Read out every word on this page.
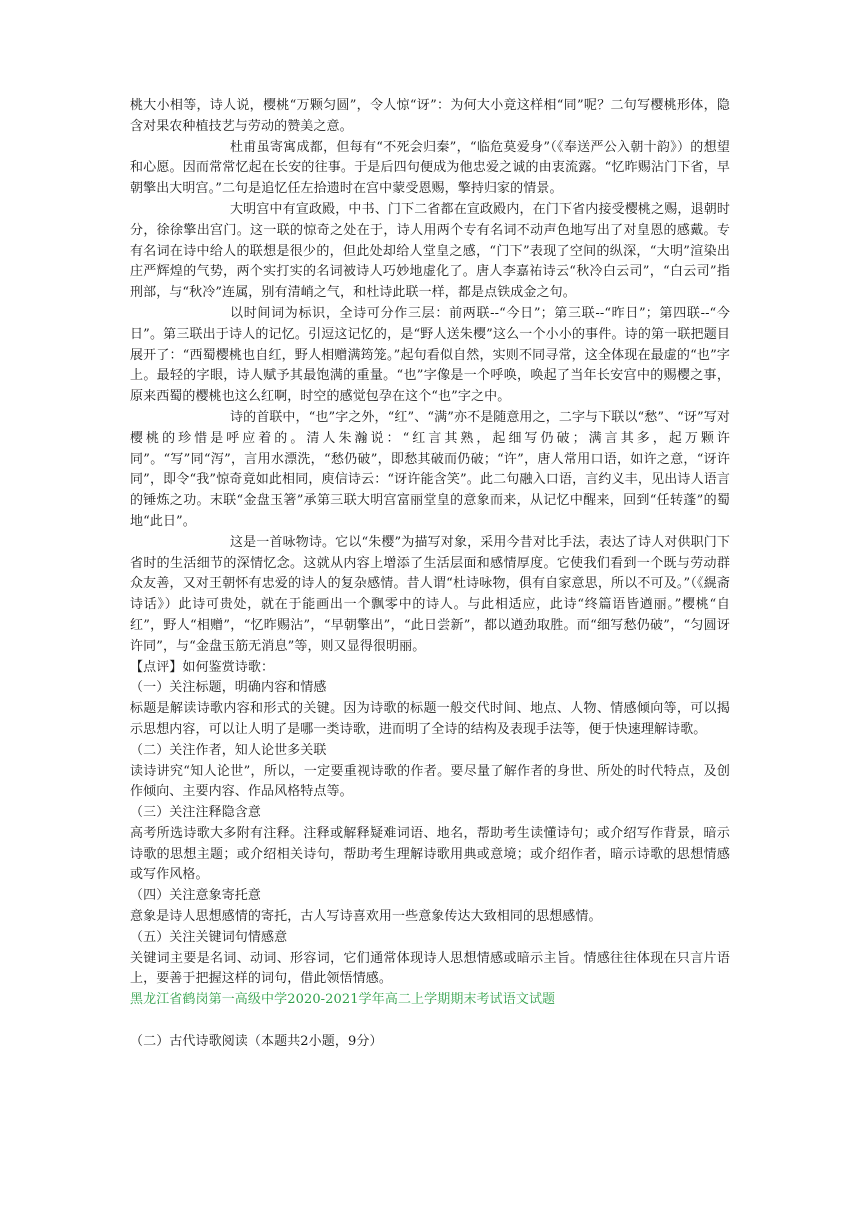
桃大小相等，诗人说，樱桃“万颗匀圆”，令人惊“讶”：为何大小竟这样相“同”呢？二句写樱桃形体，隐含对果农种植技艺与劳动的赞美之意。

杜甫虽寄寓成都，但每有“不死会归秦”，“临危莫爱身”（《奉送严公入朝十韵》）的想望和心愿。因而常常忆起在长安的往事。于是后四句便成为他忠爱之诚的由衷流露。“忆昨赐沾门下省，早朝擎出大明宫。”二句是追忆任左拾遗时在宫中蒙受恩赐，擎持归家的情景。

大明宫中有宣政殿，中书、门下二省都在宣政殿内，在门下省内接受樱桃之赐，退朝时分，徐徐擎出宫门。这一联的惊奇之处在于，诗人用两个专有名词不动声色地写出了对皇恩的感戴。专有名词在诗中给人的联想是很少的，但此处却给人堂皇之感，“门下”表现了空间的纵深，“大明”渲染出庄严辉煌的气势，两个实打实的名词被诗人巧妙地虚化了。唐人李嘉祐诗云“秋冷白云司”，“白云司”指刑部，与“秋冷”连属，别有清峭之气，和杜诗此联一样，都是点铁成金之句。

以时间词为标识，全诗可分作三层：前两联--“今日”；第三联--“昨日”；第四联--“今日”。第三联出于诗人的记忆。引逗这记忆的，是“野人送朱樱”这么一个小小的事件。诗的第一联把题目展开了：“西蜀樱桃也自红，野人相赠满筠笼。”起句看似自然，实则不同寻常，这全体现在最虚的“也”字上。最轻的字眼，诗人赋予其最饱满的重量。“也”字像是一个呼唤，唤起了当年长安宫中的赐樱之事，原来西蜀的樱桃也这么红啊，时空的感觉包孕在这个“也”字之中。

诗的首联中，“也”字之外，“红”、“满”亦不是随意用之，二字与下联以“愁”、“讶”写对樱桃的珍惜是呼应着的。清人朱瀚说：“红言其熟，起细写仍破；满言其多，起万颗许同”。“写”同“泻”，言用水漂洗，“愁仍破”，即愁其破而仍破；“许”，唐人常用口语，如许之意，“讶许同”，即令“我”惊奇竟如此相同，庾信诗云：“讶许能含笑”。此二句融入口语，言约义丰，见出诗人语言的锤炼之功。末联“金盘玉箸”承第三联大明宫富丽堂皇的意象而来，从记忆中醒来，回到“任转蓬”的蜀地“此日”。

这是一首咏物诗。它以“朱樱”为描写对象，采用今昔对比手法，表达了诗人对供职门下省时的生活细节的深情忆念。这就从内容上增添了生活层面和感情厚度。它使我们看到一个既与劳动群众友善，又对王朝怀有忠爱的诗人的复杂感情。昔人谓“杜诗咏物，俱有自家意思，所以不可及。”（《縨斋诗话》）此诗可贵处，就在于能画出一个飘零中的诗人。与此相适应，此诗“终篇语皆遒丽。”樱桃“自红”，野人“相赠”，“忆昨赐沾”，“早朝擎出”，“此日尝新”，都以遒劲取胜。而“细写愁仍破”，“匀圆讶许同”，与“金盘玉筋无消息”等，则又显得很明丽。

【点评】如何鉴赏诗歌：

（一）关注标题，明确内容和情感

标题是解读诗歌内容和形式的关键。因为诗歌的标题一般交代时间、地点、人物、情感倾向等，可以揭示思想内容，可以让人明了是哪一类诗歌，进而明了全诗的结构及表现手法等，便于快速理解诗歌。

（二）关注作者，知人论世多关联

读诗讲究“知人论世”，所以，一定要重视诗歌的作者。要尽量了解作者的身世、所处的时代特点，及创作倾向、主要内容、作品风格特点等。

（三）关注注释隐含意

高考所选诗歌大多附有注释。注释或解释疑难词语、地名，帮助考生读懂诗句；或介绍写作背景，暗示诗歌的思想主题；或介绍相关诗句，帮助考生理解诗歌用典或意境；或介绍作者，暗示诗歌的思想情感或写作风格。

（四）关注意象寄托意

意象是诗人思想感情的寄托，古人写诗喜欢用一些意象传达大致相同的思想感情。

（五）关注关键词句情感意

关键词主要是名词、动词、形容词，它们通常体现诗人思想情感或暗示主旨。情感往往体现在只言片语上，要善于把握这样的词句，借此领悟情感。

黑龙江省鹤岗第一高级中学2020-2021学年高二上学期期末考试语文试题

（二）古代诗歌阅读（本题共2小题，9分）
